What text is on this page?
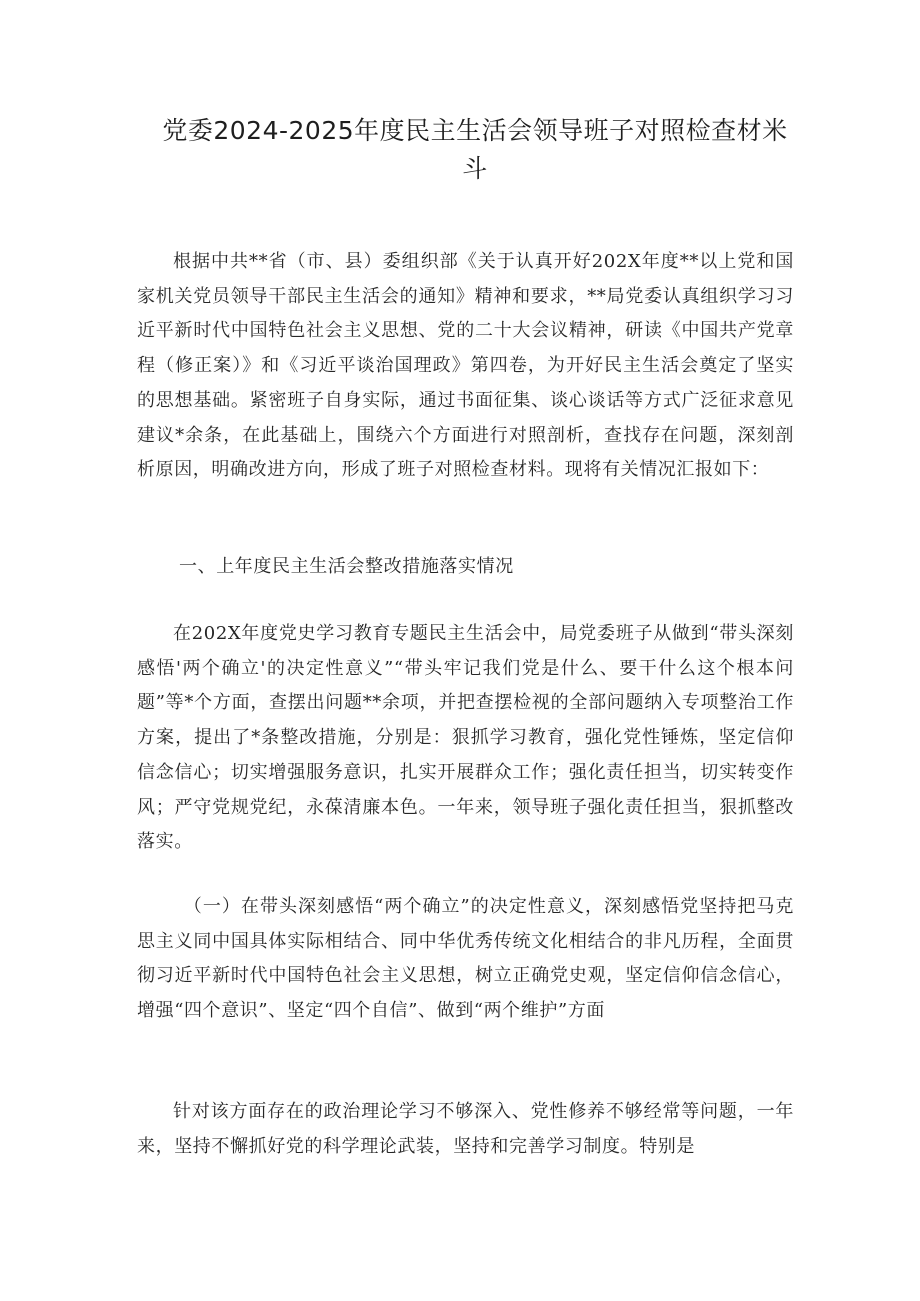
党委2024-2025年度民主生活会领导班子对照检查材米斗

根据中共**省（市、县）委组织部《关于认真开好202X年度**以上党和国家机关党员领导干部民主生活会的通知》精神和要求，**局党委认真组织学习习近平新时代中国特色社会主义思想、党的二十大会议精神，研读《中国共产党章程（修正案）》和《习近平谈治国理政》第四卷，为开好民主生活会奠定了坚实的思想基础。紧密班子自身实际，通过书面征集、谈心谈话等方式广泛征求意见建议*余条，在此基础上，围绕六个方面进行对照剖析，查找存在问题，深刻剖析原因，明确改进方向，形成了班子对照检查材料。现将有关情况汇报如下：

一、上年度民主生活会整改措施落实情况

在202X年度党史学习教育专题民主生活会中，局党委班子从做到“带头深刻感悟'两个确立'的决定性意义”“带头牢记我们党是什么、要干什么这个根本问题”等*个方面，查摆出问题**余项，并把查摆检视的全部问题纳入专项整治工作方案，提出了*条整改措施，分别是：狠抓学习教育，强化党性锤炼，坚定信仰信念信心；切实增强服务意识，扎实开展群众工作；强化责任担当，切实转变作风；严守党规党纪，永葆清廉本色。一年来，领导班子强化责任担当，狠抓整改落实。

（一）在带头深刻感悟“两个确立”的决定性意义，深刻感悟党坚持把马克思主义同中国具体实际相结合、同中华优秀传统文化相结合的非凡历程，全面贯彻习近平新时代中国特色社会主义思想，树立正确党史观，坚定信仰信念信心，增强“四个意识”、坚定“四个自信”、做到“两个维护”方面

针对该方面存在的政治理论学习不够深入、党性修养不够经常等问题，一年来，坚持不懈抓好党的科学理论武装，坚持和完善学习制度。特别是
